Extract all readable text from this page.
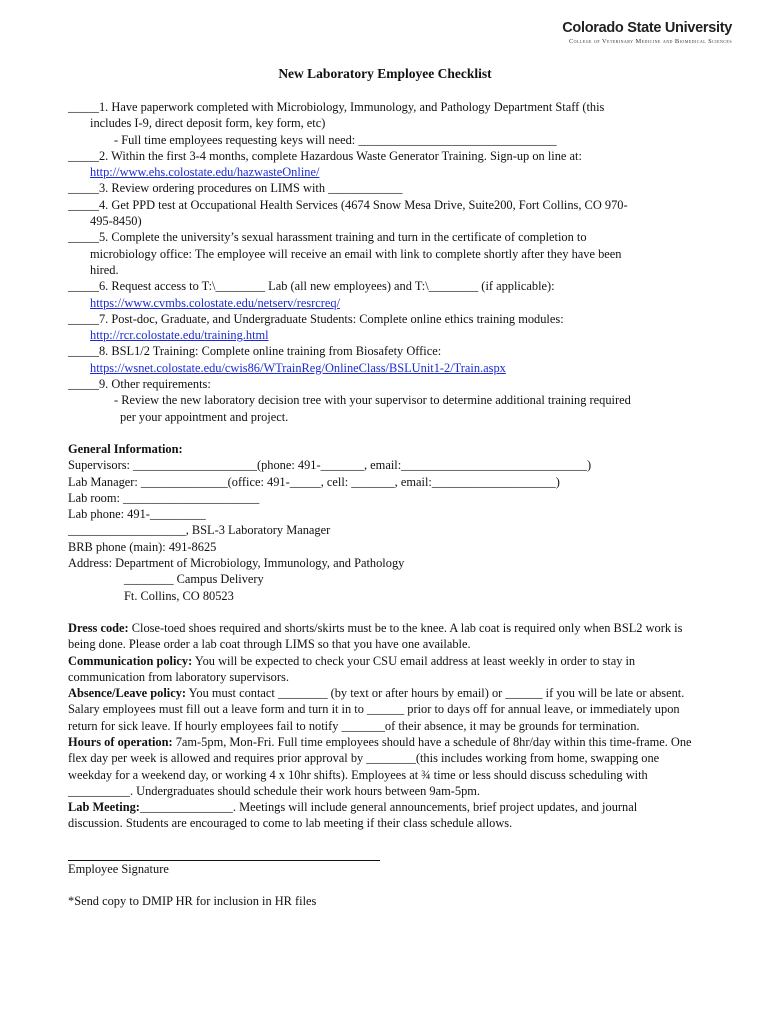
Colorado State University
College of Veterinary Medicine and Biomedical Sciences
New Laboratory Employee Checklist

_____1. Have paperwork completed with Microbiology, Immunology, and Pathology Department Staff (this

includes I-9, direct deposit form, key form, etc)

- Full time employees requesting keys will need: ________________________________

_____2. Within the first 3-4 months, complete Hazardous Waste Generator Training. Sign-up on line at:

http://www.ehs.colostate.edu/hazwasteOnline/

_____3. Review ordering procedures on LIMS with ____________

_____4. Get PPD test at Occupational Health Services (4674 Snow Mesa Drive, Suite200, Fort Collins, CO 970-

495-8450)

_____5. Complete the university’s sexual harassment training and turn in the certificate of completion to

microbiology office: The employee will receive an email with link to complete shortly after they have been

hired.

_____6. Request access to T:\________ Lab (all new employees) and T:\________ (if applicable):

https://www.cvmbs.colostate.edu/netserv/resrcreq/

_____7. Post-doc, Graduate, and Undergraduate Students: Complete online ethics training modules:

http://rcr.colostate.edu/training.html

_____8. BSL1/2 Training: Complete online training from Biosafety Office:

https://wsnet.colostate.edu/cwis86/WTrainReg/OnlineClass/BSLUnit1-2/Train.aspx

_____9. Other requirements:

- Review the new laboratory decision tree with your supervisor to determine additional training required

per your appointment and project.

General Information:

Supervisors: ____________________(phone: 491-_______, email:______________________________)

Lab Manager: ______________(office: 491-_____, cell: _______, email:____________________)

Lab room: ______________________

Lab phone: 491-_________

___________________, BSL-3 Laboratory Manager

BRB phone (main): 491-8625

Address: Department of Microbiology, Immunology, and Pathology

________ Campus Delivery

Ft. Collins, CO 80523

Dress code: Close-toed shoes required and shorts/skirts must be to the knee. A lab coat is required only when BSL2 work is being done. Please order a lab coat through LIMS so that you have one available.

Communication policy: You will be expected to check your CSU email address at least weekly in order to stay in communication from laboratory supervisors.

Absence/Leave policy: You must contact ________ (by text or after hours by email) or ______ if you will be late or absent. Salary employees must fill out a leave form and turn it in to ______ prior to days off for annual leave, or immediately upon return for sick leave. If hourly employees fail to notify _______of their absence, it may be grounds for termination.

Hours of operation: 7am-5pm, Mon-Fri. Full time employees should have a schedule of 8hr/day within this time-frame. One flex day per week is allowed and requires prior approval by ________(this includes working from home, swapping one weekday for a weekend day, or working 4 x 10hr shifts). Employees at ¾ time or less should discuss scheduling with __________. Undergraduates should schedule their work hours between 9am-5pm.

Lab Meeting:_______________. Meetings will include general announcements, brief project updates, and journal discussion. Students are encouraged to come to lab meeting if their class schedule allows.

Employee Signature

*Send copy to DMIP HR for inclusion in HR files
